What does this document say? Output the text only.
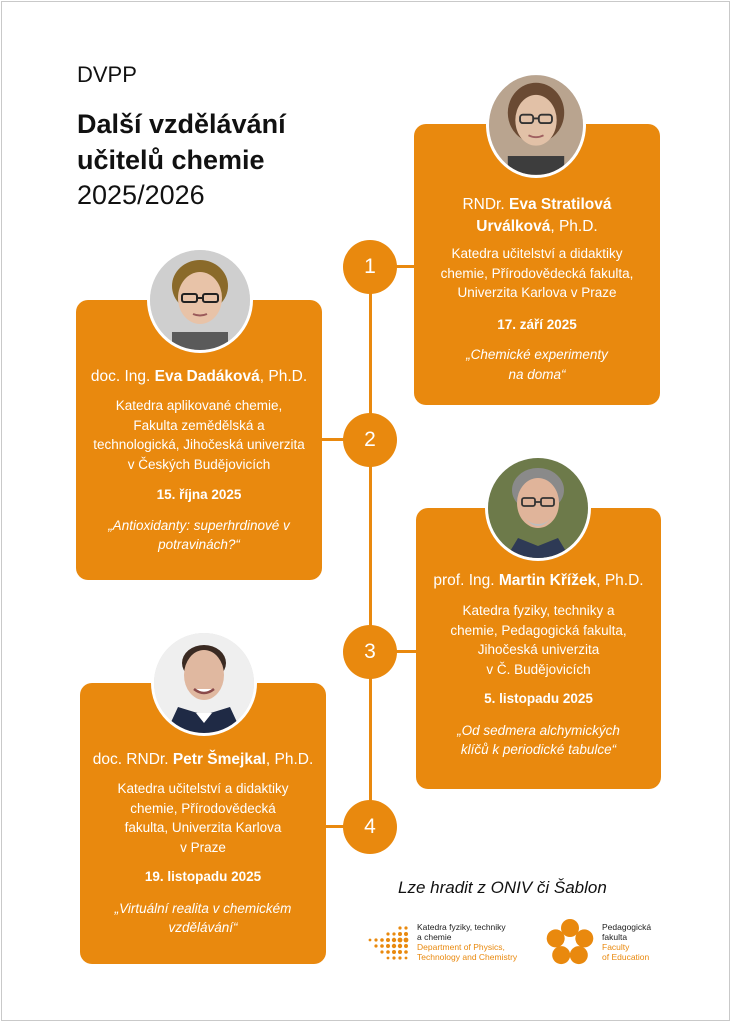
DVPP
Další vzdělávání
učitelů chemie
2025/2026
1
2
3
4

RNDr. Eva Stratilová
Urválková, Ph.D.

Katedra učitelství a didaktiky
chemie, Přírodovědecká fakulta,
Univerzita Karlova v Praze

17. září 2025

„Chemické experimenty
na doma“

doc. Ing. Eva Dadáková, Ph.D.

Katedra aplikované chemie,
Fakulta zemědělská a
technologická, Jihočeská univerzita
v Českých Budějovicích

15. října 2025

„Antioxidanty: superhrdinové v
potravinách?“

prof. Ing. Martin Křížek, Ph.D.

Katedra fyziky, techniky a
chemie, Pedagogická fakulta,
Jihočeská univerzita
v Č. Budějovicích

5. listopadu 2025

„Od sedmera alchymických
klíčů k periodické tabulce“

doc. RNDr. Petr Šmejkal, Ph.D.

Katedra učitelství a didaktiky
chemie, Přírodovědecká
fakulta, Univerzita Karlova
v Praze

19. listopadu 2025

„Virtuální realita v chemickém
vzdělávání“

Lze hradit z ONIV či Šablon
Katedra fyziky, techniky
a chemie
Department of Physics,
Technology and Chemistry
Pedagogická
fakulta
Faculty
of Education
